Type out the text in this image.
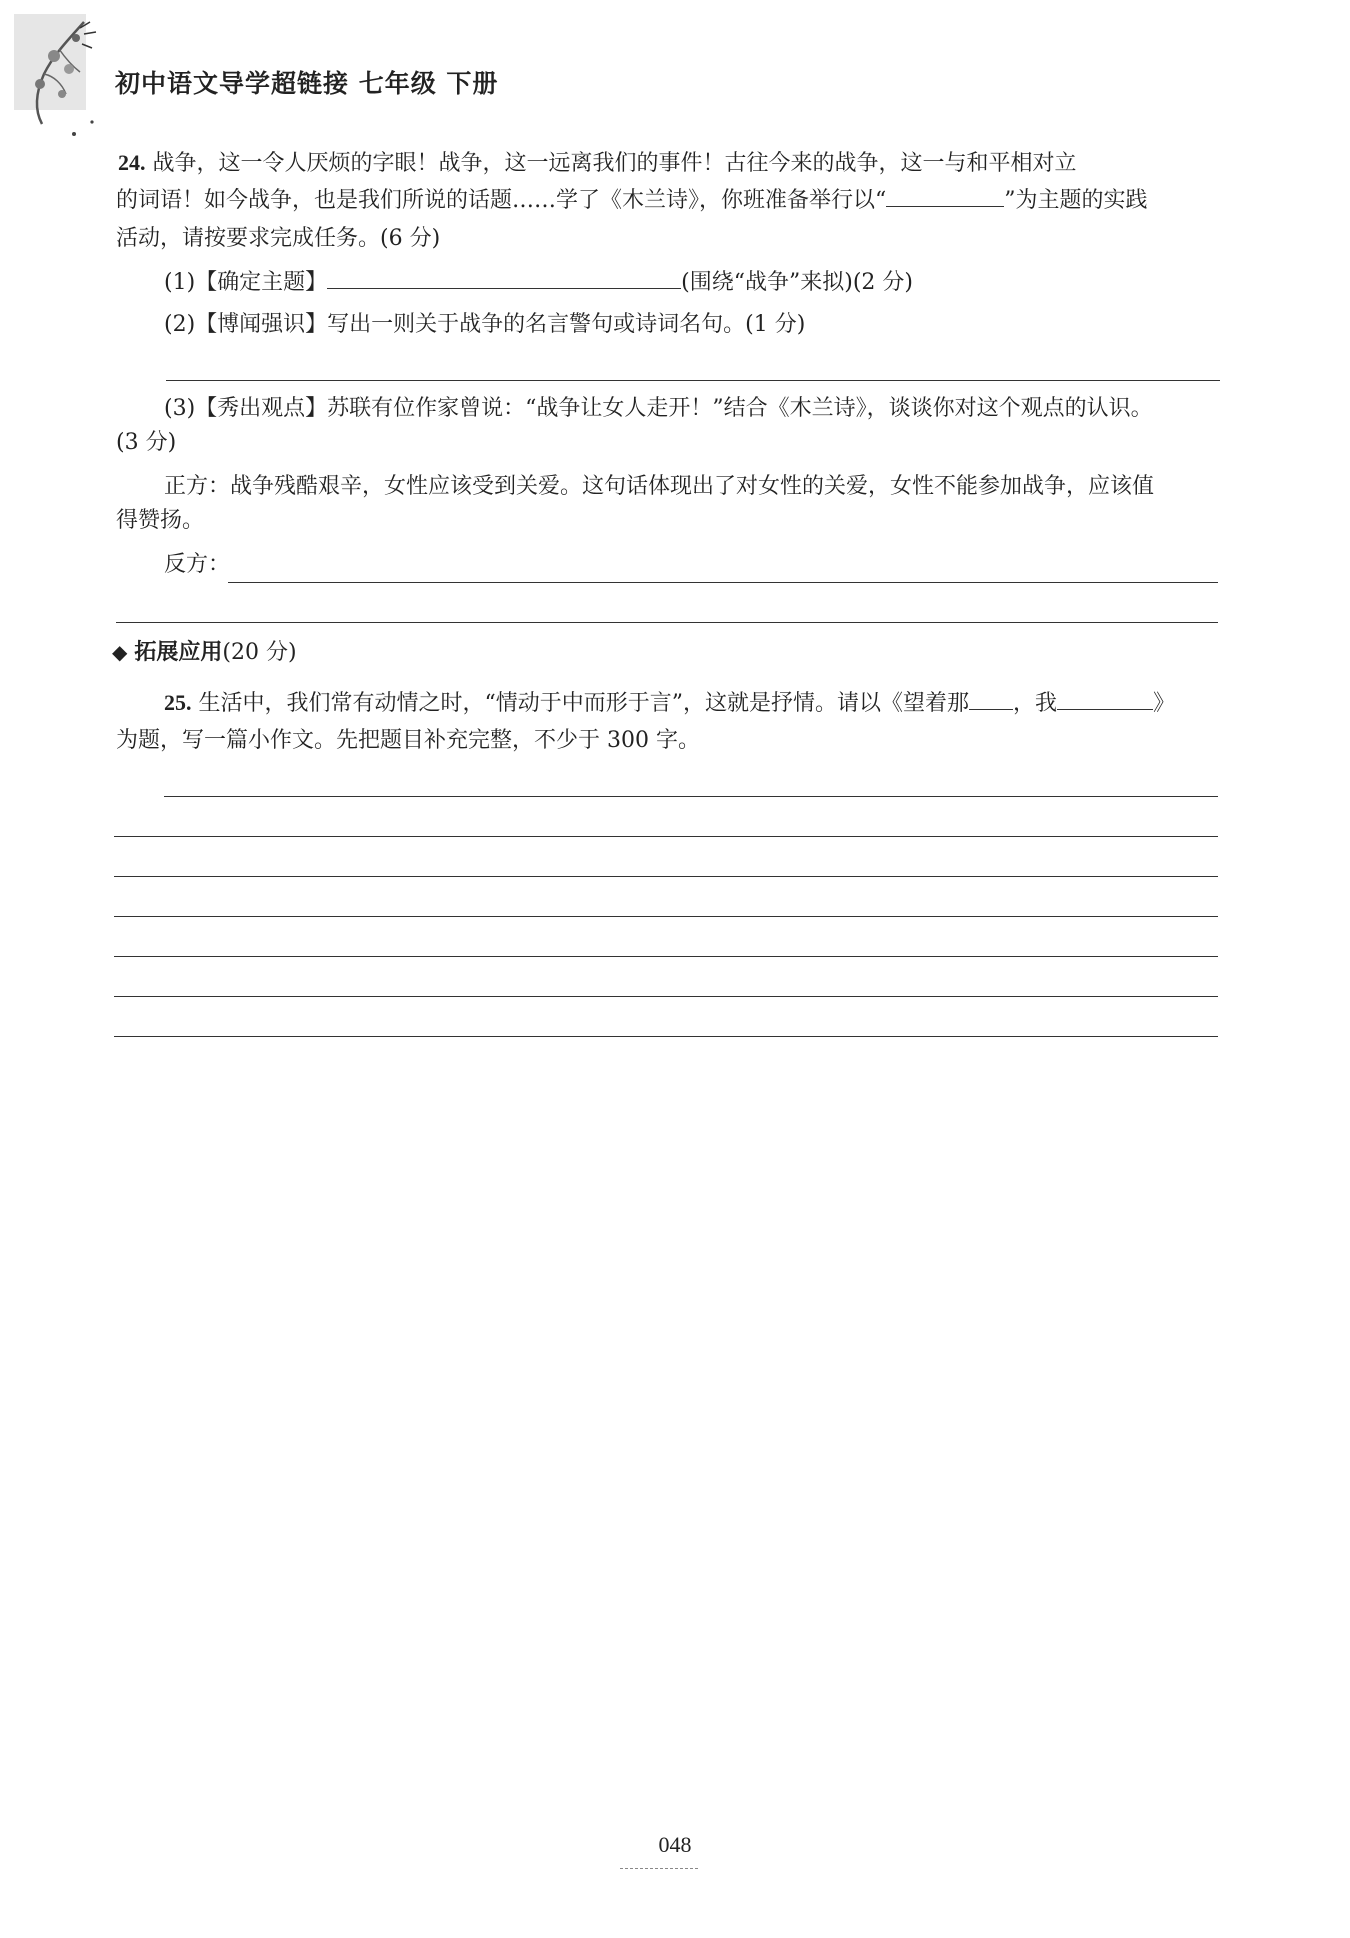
初中语文导学超链接 七年级 下册
24. 战争，这一令人厌烦的字眼！战争，这一远离我们的事件！古往今来的战争，这一与和平相对立
的词语！如今战争，也是我们所说的话题……学了《木兰诗》，你班准备举行以“	”为主题的实践
活动，请按要求完成任务。(6 分)
(1)【确定主题】	(围绕“战争”来拟)(2 分)
(2)【博闻强识】写出一则关于战争的名言警句或诗词名句。(1 分)
(3)【秀出观点】苏联有位作家曾说：“战争让女人走开！”结合《木兰诗》，谈谈你对这个观点的认识。
(3 分)
正方：战争残酷艰辛，女性应该受到关爱。这句话体现出了对女性的关爱，女性不能参加战争，应该值
得赞扬。
反方：
◆ 拓展应用(20 分)
25. 生活中，我们常有动情之时，“情动于中而形于言”，这就是抒情。请以《望着那 ，我	》
为题，写一篇小作文。先把题目补充完整，不少于 300 字。
048
